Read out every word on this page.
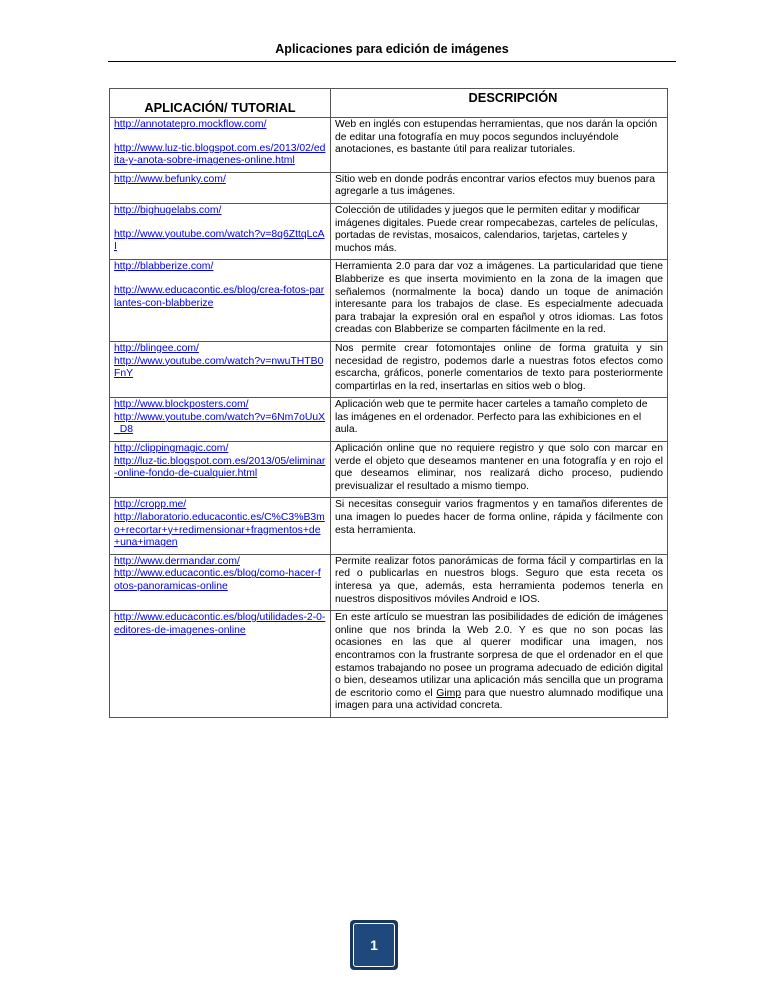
Aplicaciones para edición de imágenes
APLICACIÓN/ TUTORIAL	DESCRIPCIÓN

http://annotatepro.mockflow.com/
http://www.luz-tic.blogspot.com.es/2013/02/edita-y-anota-sobre-imagenes-online.html	Web en inglés con estupendas herramientas, que nos darán la opción de editar una fotografía en muy pocos segundos incluyéndole anotaciones, es bastante útil para realizar tutoriales.

http://www.befunky.com/	Sitio web en donde podrás encontrar varios efectos muy buenos para agregarle a tus imágenes.

http://bighugelabs.com/
http://www.youtube.com/watch?v=8q6ZttqLcAI	Colección de utilidades y juegos que le permiten editar y modificar imágenes digitales. Puede crear rompecabezas, carteles de películas, portadas de revistas, mosaicos, calendarios, tarjetas, carteles y muchos más.

http://blabberize.com/
http://www.educacontic.es/blog/crea-fotos-parlantes-con-blabberize	Herramienta 2.0 para dar voz a imágenes. La particularidad que tiene Blabberize es que inserta movimiento en la zona de la imagen que señalemos (normalmente la boca) dando un toque de animación interesante para los trabajos de clase. Es especialmente adecuada para trabajar la expresión oral en español y otros idiomas. Las fotos creadas con Blabberize se comparten fácilmente en la red.

http://blingee.com/
http://www.youtube.com/watch?v=nwuTHTB0FnY	Nos permite crear fotomontajes online de forma gratuita y sin necesidad de registro, podemos darle a nuestras fotos efectos como escarcha, gráficos, ponerle comentarios de texto para posteriormente compartirlas en la red, insertarlas en sitios web o blog.

http://www.blockposters.com/
http://www.youtube.com/watch?v=6Nm7oUuX_D8	Aplicación web que te permite hacer carteles a tamaño completo de las imágenes en el ordenador. Perfecto para las exhibiciones en el aula.

http://clippingmagic.com/
http://luz-tic.blogspot.com.es/2013/05/eliminar-online-fondo-de-cualquier.html	Aplicación online que no requiere registro y que solo con marcar en verde el objeto que deseamos mantener en una fotografía y en rojo el que deseamos eliminar, nos realizará dicho proceso, pudiendo previsualizar el resultado a mismo tiempo.

http://cropp.me/
http://laboratorio.educacontic.es/C%C3%B3mo+recortar+y+redimensionar+fragmentos+de+una+imagen	Si necesitas conseguir varios fragmentos y en tamaños diferentes de una imagen lo puedes hacer de forma online, rápida y fácilmente con esta herramienta.

http://www.dermandar.com/
http://www.educacontic.es/blog/como-hacer-fotos-panoramicas-online	Permite realizar fotos panorámicas de forma fácil y compartirlas en la red o publicarlas en nuestros blogs. Seguro que esta receta os interesa ya que, además, esta herramienta podemos tenerla en nuestros dispositivos móviles Android e IOS.

http://www.educacontic.es/blog/utilidades-2-0-editores-de-imagenes-online	En este artículo se muestran las posibilidades de edición de imágenes online que nos brinda la Web 2.0. Y es que no son pocas las ocasiones en las que al querer modificar una imagen, nos encontramos con la frustrante sorpresa de que el ordenador en el que estamos trabajando no posee un programa adecuado de edición digital o bien, deseamos utilizar una aplicación más sencilla que un programa de escritorio como el Gimp para que nuestro alumnado modifique una imagen para una actividad concreta.
1
